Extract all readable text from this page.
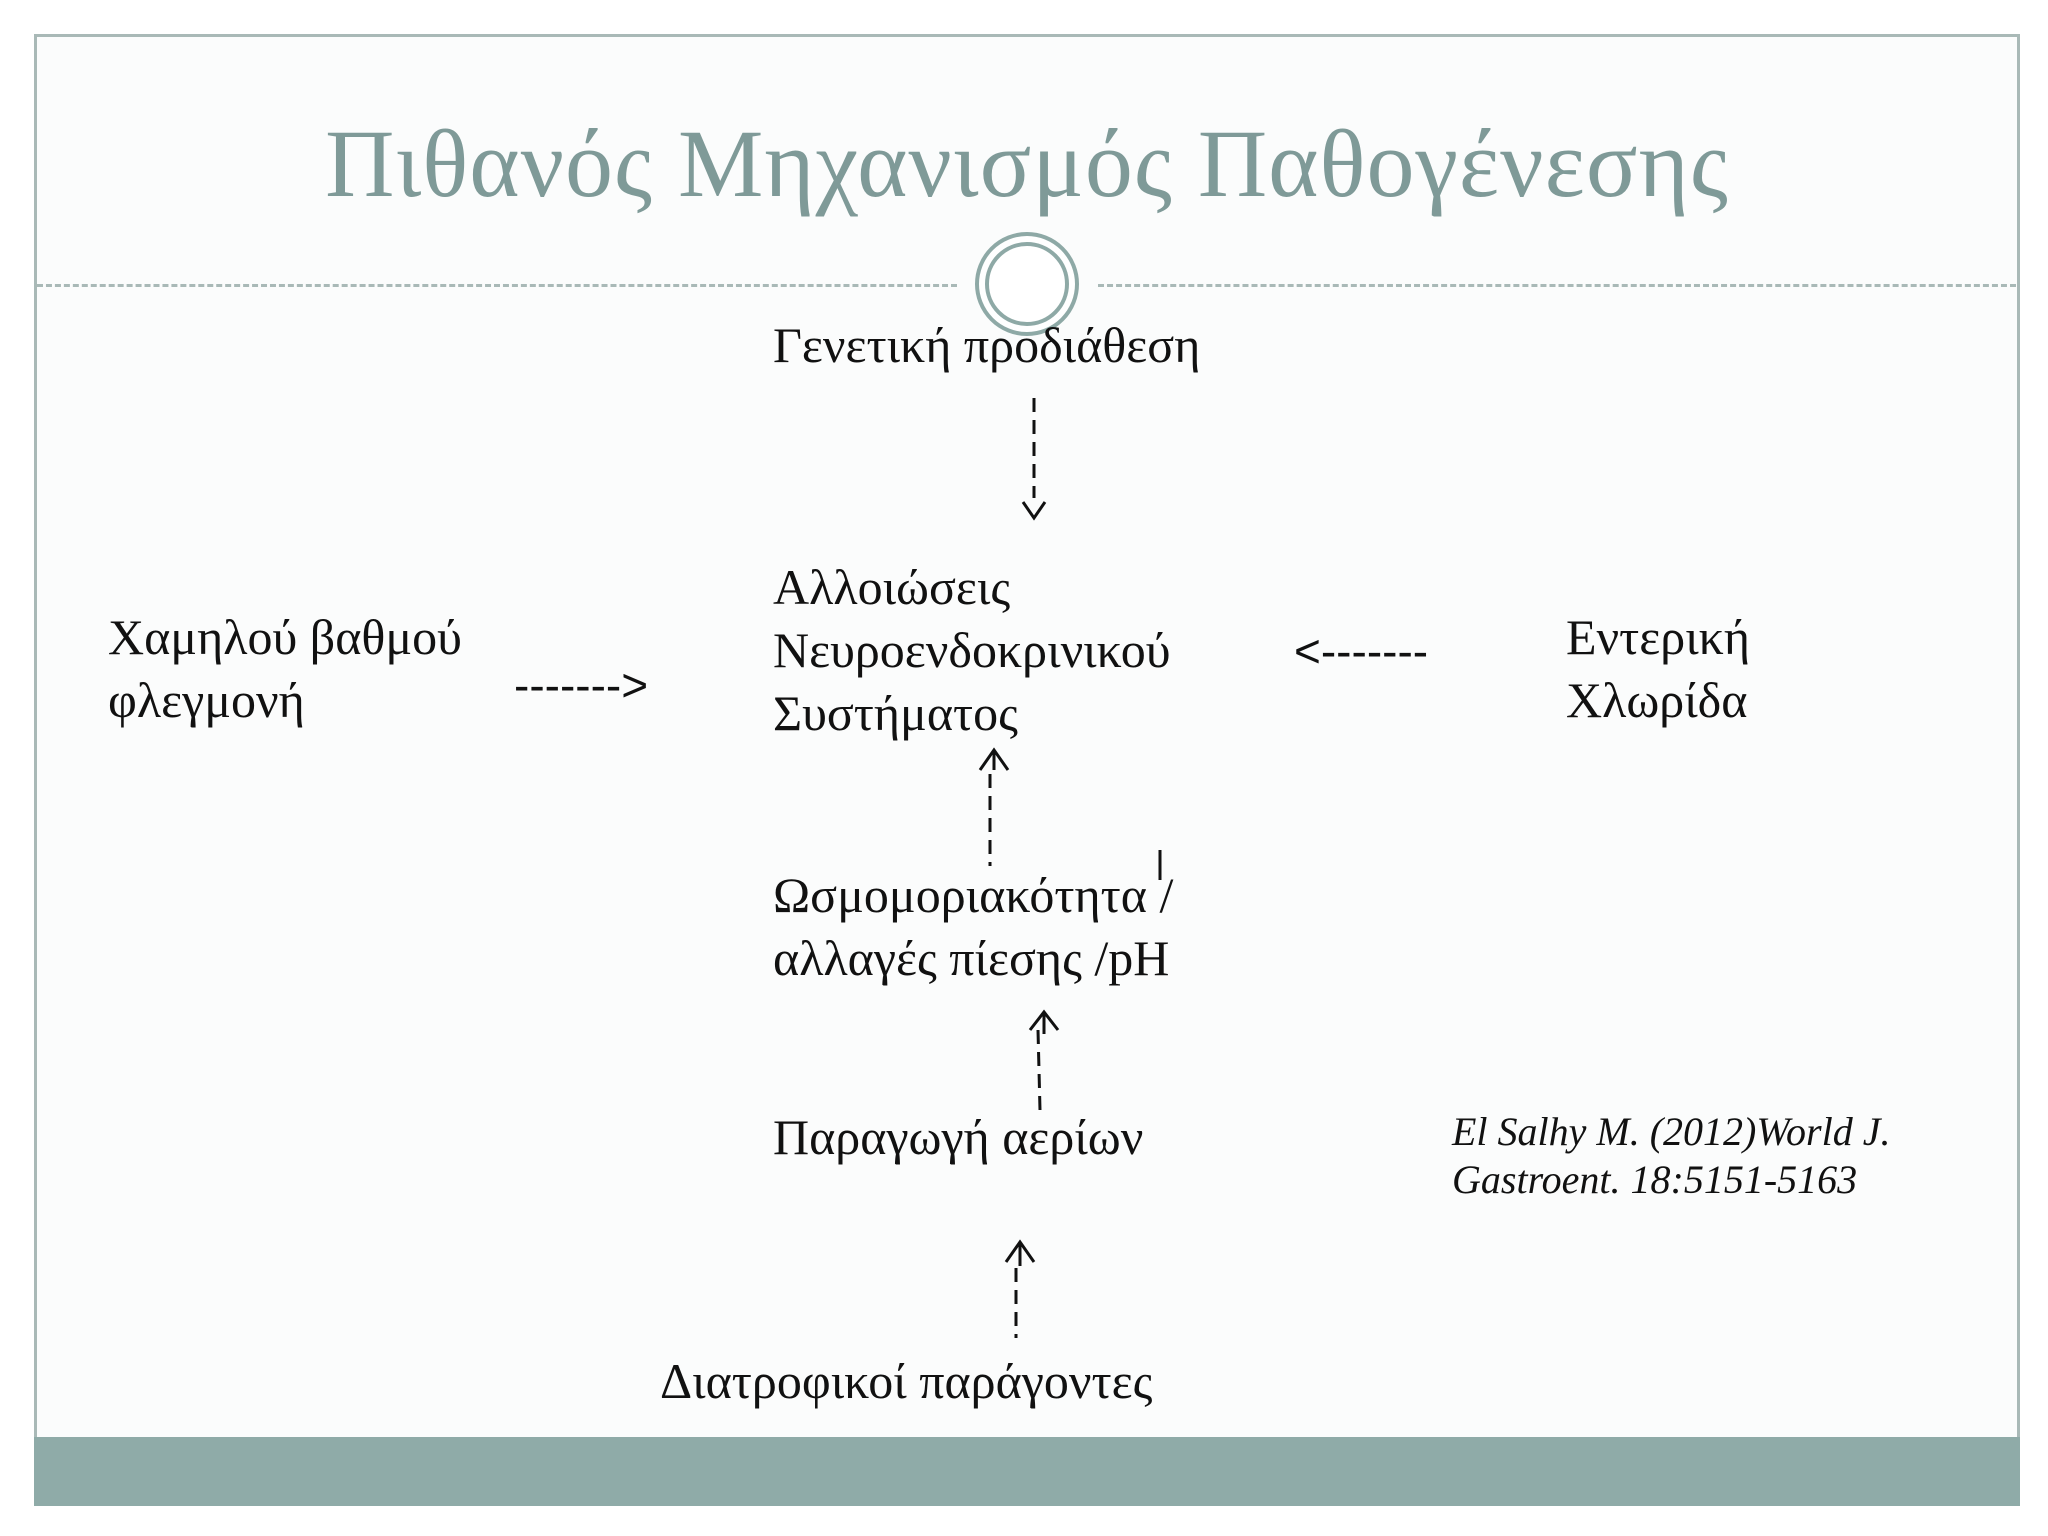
Πιθανός Μηχανισμός Παθογένεσης
Γενετική προδιάθεση
Αλλοιώσεις
Νευροενδοκρινικού
Συστήματος
Χαμηλού βαθμού
φλεγμονή
Εντερική
Χλωρίδα
Ωσμομοριακότητα /
αλλαγές πίεσης /pH
Παραγωγή αερίων
Διατροφικοί παράγοντες
------->
<-------
El Salhy M. (2012)World J.
Gastroent. 18:5151-5163
